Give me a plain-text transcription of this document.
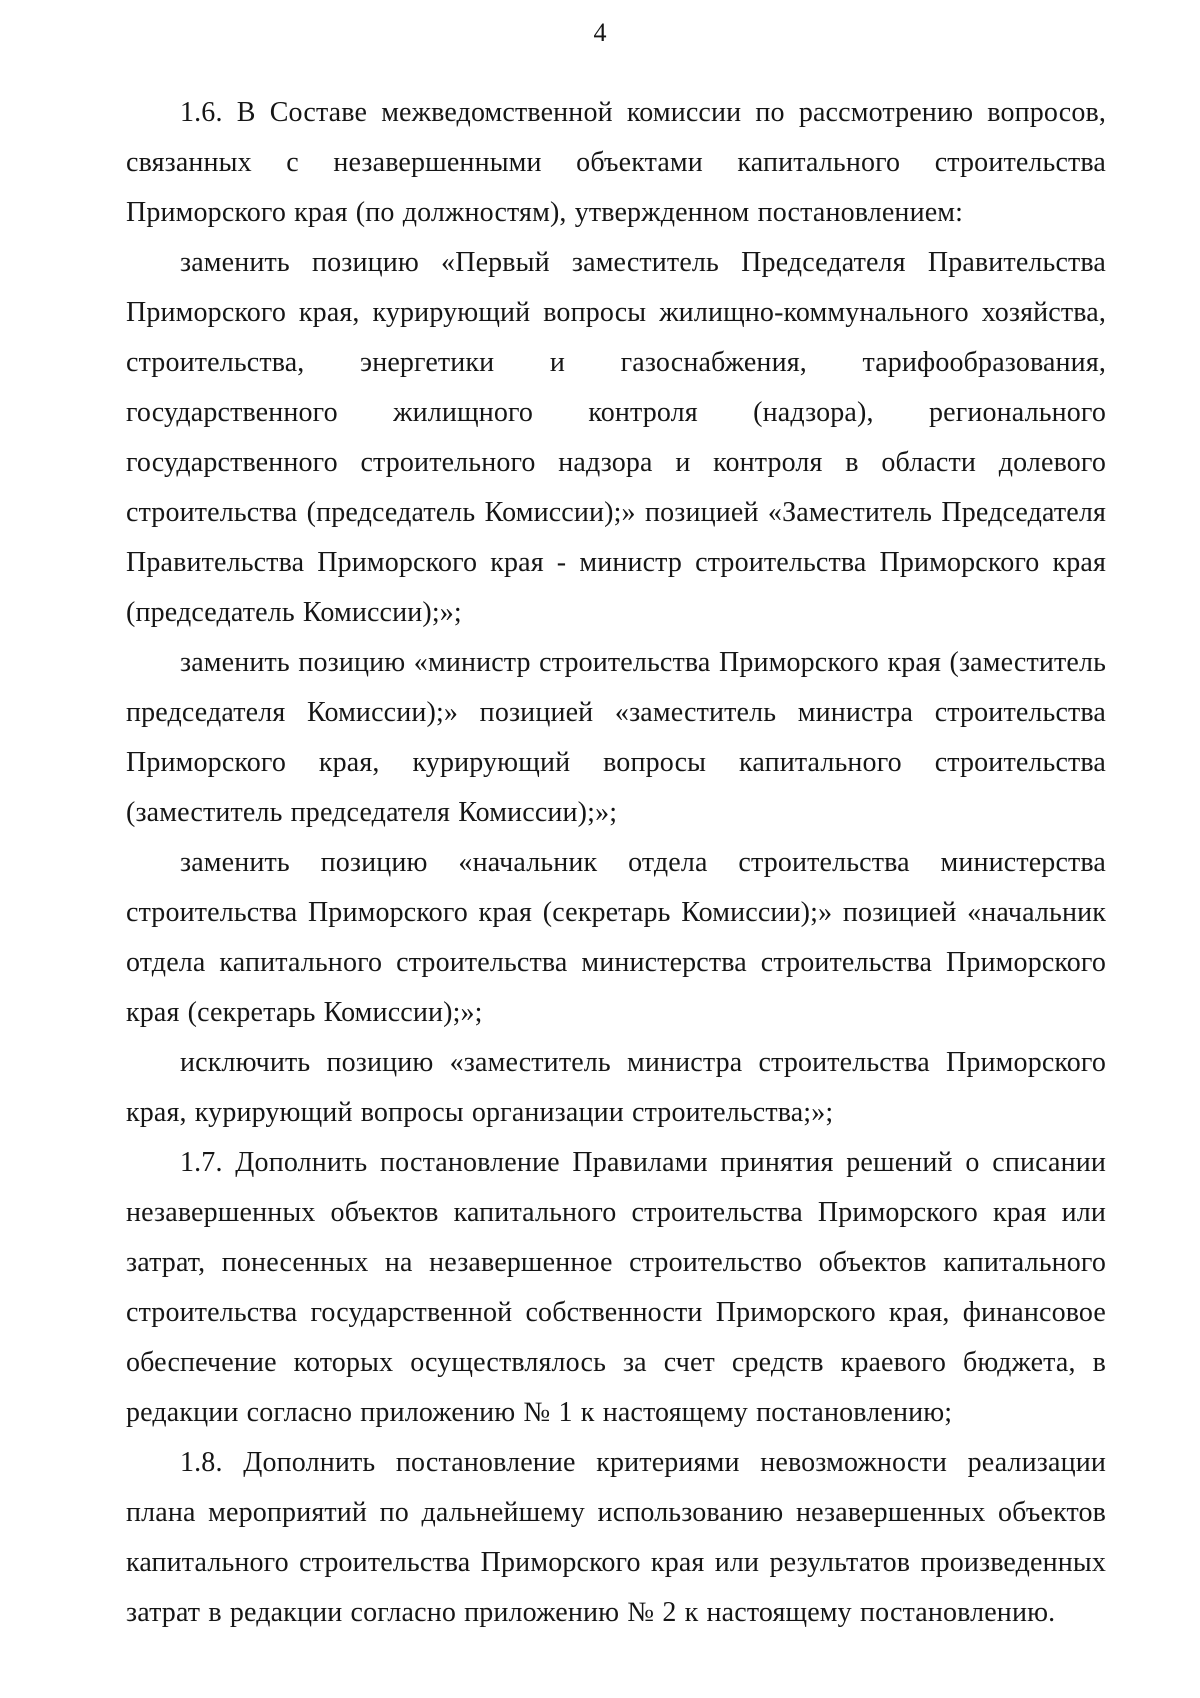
4

1.6. В Составе межведомственной комиссии по рассмотрению вопросов, связанных с незавершенными объектами капитального строительства Приморского края (по должностям), утвержденном постановлением:

заменить позицию «Первый заместитель Председателя Правительства Приморского края, курирующий вопросы жилищно-коммунального хозяйства, строительства, энергетики и газоснабжения, тарифообразования, государственного жилищного контроля (надзора), регионального государственного строительного надзора и контроля в области долевого строительства (председатель Комиссии);» позицией «Заместитель Председателя Правительства Приморского края - министр строительства Приморского края (председатель Комиссии);»;

заменить позицию «министр строительства Приморского края (заместитель председателя Комиссии);» позицией «заместитель министра строительства Приморского края, курирующий вопросы капитального строительства (заместитель председателя Комиссии);»;

заменить позицию «начальник отдела строительства министерства строительства Приморского края (секретарь Комиссии);» позицией «начальник отдела капитального строительства министерства строительства Приморского края (секретарь Комиссии);»;

исключить позицию «заместитель министра строительства Приморского края, курирующий вопросы организации строительства;»;

1.7. Дополнить постановление Правилами принятия решений о списании незавершенных объектов капитального строительства Приморского края или затрат, понесенных на незавершенное строительство объектов капитального строительства государственной собственности Приморского края, финансовое обеспечение которых осуществлялось за счет средств краевого бюджета, в редакции согласно приложению № 1 к настоящему постановлению;

1.8. Дополнить постановление критериями невозможности реализации плана мероприятий по дальнейшему использованию незавершенных объектов капитального строительства Приморского края или результатов произведенных затрат в редакции согласно приложению № 2 к настоящему постановлению.
